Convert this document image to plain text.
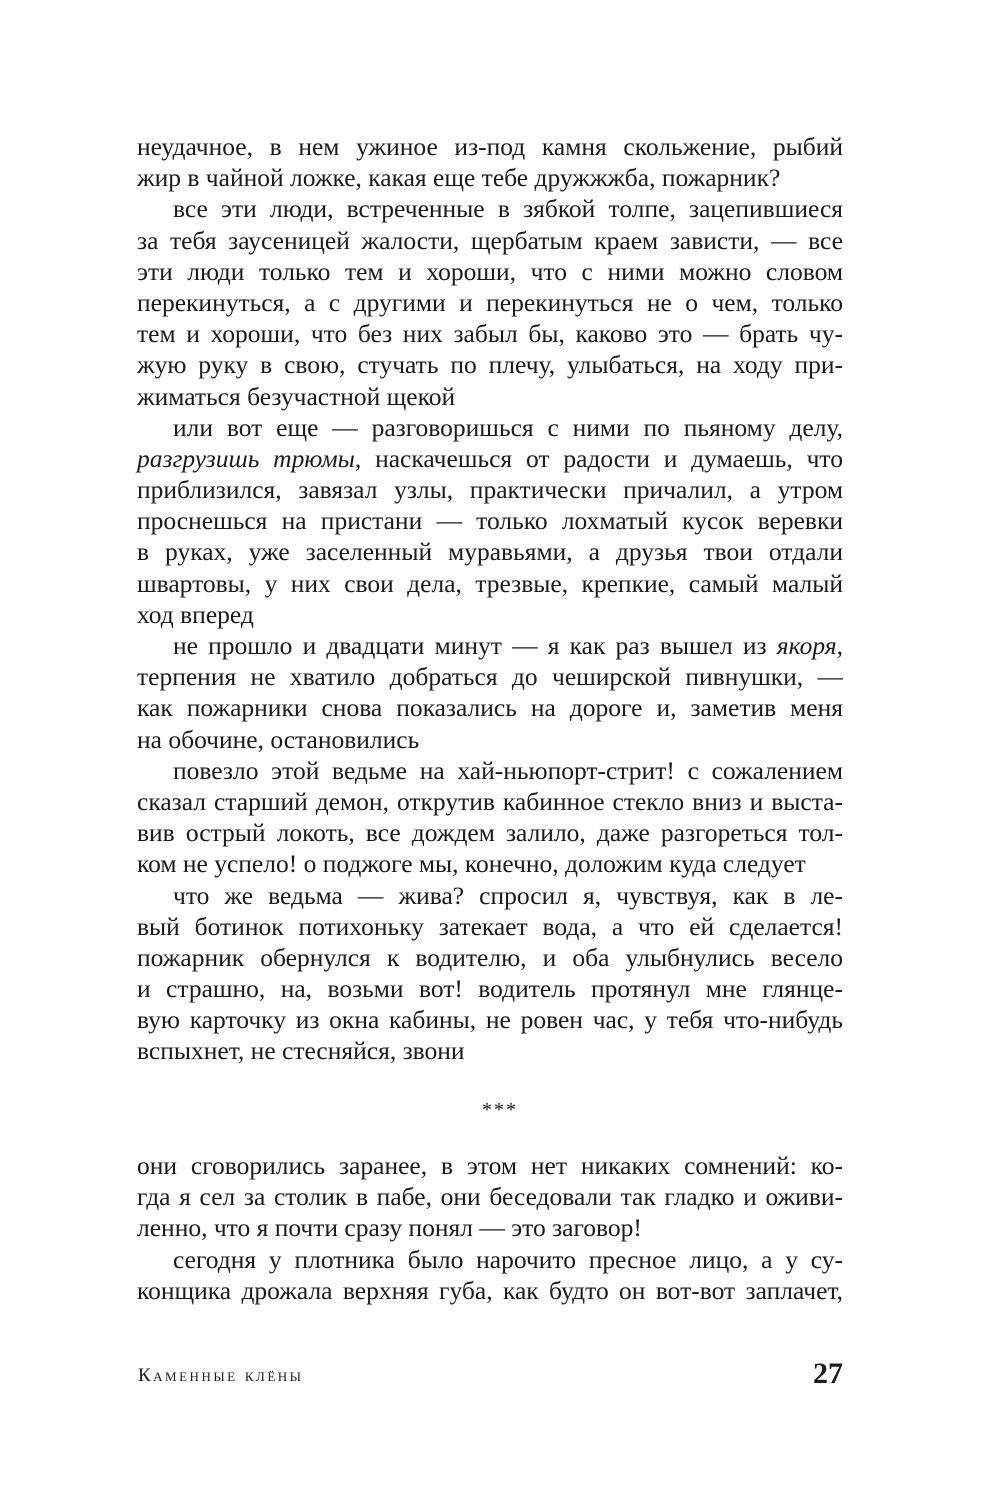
неудачное, в нем ужиное из-под камня скольжение, рыбий
жир в чайной ложке, какая еще тебе дружжжба, пожарник?
все эти люди, встреченные в зябкой толпе, зацепившиеся
за тебя заусеницей жалости, щербатым краем зависти, — все
эти люди только тем и хороши, что с ними можно словом
перекинуться, а с другими и перекинуться не о чем, только
тем и хороши, что без них забыл бы, каково это — брать чу-
жую руку в свою, стучать по плечу, улыбаться, на ходу при-
жиматься безучастной щекой
или вот еще — разговоришься с ними по пьяному делу,
разгрузишь трюмы, наскачешься от радости и думаешь, что
приблизился, завязал узлы, практически причалил, а утром
проснешься на пристани — только лохматый кусок веревки
в руках, уже заселенный муравьями, а друзья твои отдали
швартовы, у них свои дела, трезвые, крепкие, самый малый
ход вперед
не прошло и двадцати минут — я как раз вышел из якоря,
терпения не хватило добраться до чеширской пивнушки, —
как пожарники снова показались на дороге и, заметив меня
на обочине, остановились
повезло этой ведьме на хай-ньюпорт-стрит! с сожалением
сказал старший демон, открутив кабинное стекло вниз и выста-
вив острый локоть, все дождем залило, даже разгореться тол-
ком не успело! о поджоге мы, конечно, доложим куда следует
что же ведьма — жива? спросил я, чувствуя, как в ле-
вый ботинок потихоньку затекает вода, а что ей сделается!
пожарник обернулся к водителю, и оба улыбнулись весело
и страшно, на, возьми вот! водитель протянул мне глянце-
вую карточку из окна кабины, не ровен час, у тебя что-нибудь
вспыхнет, не стесняйся, звони
***
они сговорились заранее, в этом нет никаких сомнений: ко-
гда я сел за столик в пабе, они беседовали так гладко и оживи-
ленно, что я почти сразу понял — это заговор!
сегодня у плотника было нарочито пресное лицо, а у су-
конщика дрожала верхняя губа, как будто он вот-вот заплачет,
Каменные клёны	27
